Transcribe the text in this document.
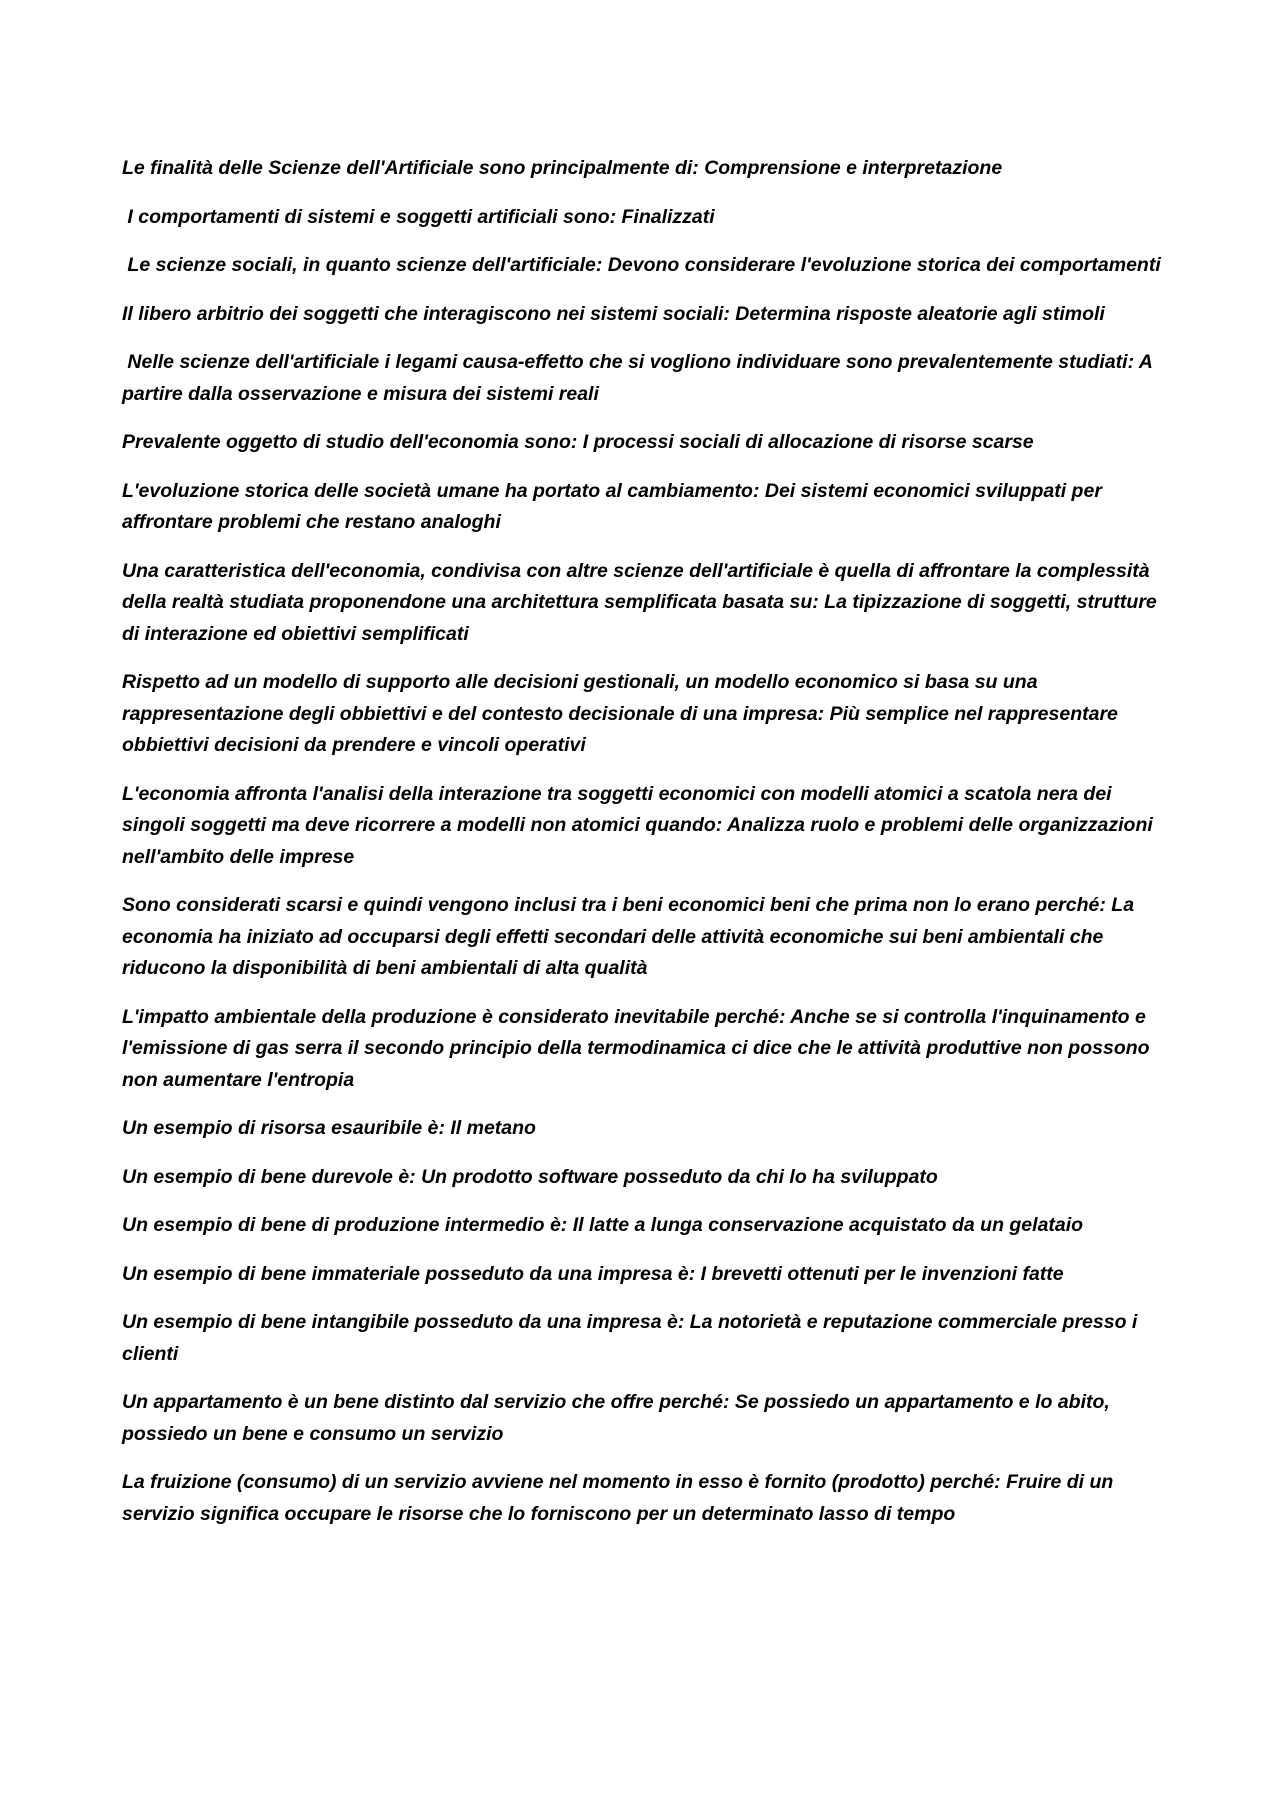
Le finalità delle Scienze dell'Artificiale sono principalmente di: Comprensione e interpretazione

I comportamenti di sistemi e soggetti artificiali sono: Finalizzati

Le scienze sociali, in quanto scienze dell'artificiale: Devono considerare l'evoluzione storica dei comportamenti

Il libero arbitrio dei soggetti che interagiscono nei sistemi sociali: Determina risposte aleatorie agli stimoli

Nelle scienze dell'artificiale i legami causa-effetto che si vogliono individuare sono prevalentemente studiati: A partire dalla osservazione e misura dei sistemi reali

Prevalente oggetto di studio dell'economia sono: I processi sociali di allocazione di risorse scarse

L'evoluzione storica delle società umane ha portato al cambiamento: Dei sistemi economici sviluppati per affrontare problemi che restano analoghi

Una caratteristica dell'economia, condivisa con altre scienze dell'artificiale è quella di affrontare la complessità della realtà studiata proponendone una architettura semplificata basata su: La tipizzazione di soggetti, strutture di interazione ed obiettivi semplificati

Rispetto ad un modello di supporto alle decisioni gestionali, un modello economico si basa su una rappresentazione degli obbiettivi e del contesto decisionale di una impresa: Più semplice nel rappresentare obbiettivi decisioni da prendere e vincoli operativi

L'economia affronta l'analisi della interazione tra soggetti economici con modelli atomici a scatola nera dei singoli soggetti ma deve ricorrere a modelli non atomici quando: Analizza ruolo e problemi delle organizzazioni nell'ambito delle imprese

Sono considerati scarsi e quindi vengono inclusi tra i beni economici beni che prima non lo erano perché: La economia ha iniziato ad occuparsi degli effetti secondari delle attività economiche sui beni ambientali che riducono la disponibilità di beni ambientali di alta qualità

L'impatto ambientale della produzione è considerato inevitabile perché: Anche se si controlla l'inquinamento e l'emissione di gas serra il secondo principio della termodinamica ci dice che le attività produttive non possono non aumentare l'entropia

Un esempio di risorsa esauribile è: Il metano

Un esempio di bene durevole è: Un prodotto software posseduto da chi lo ha sviluppato

Un esempio di bene di produzione intermedio è: Il latte a lunga conservazione acquistato da un gelataio

Un esempio di bene immateriale posseduto da una impresa è: I brevetti ottenuti per le invenzioni fatte

Un esempio di bene intangibile posseduto da una impresa è: La notorietà e reputazione commerciale presso i clienti

Un appartamento è un bene distinto dal servizio che offre perché: Se possiedo un appartamento e lo abito, possiedo un bene e consumo un servizio

La fruizione (consumo) di un servizio avviene nel momento in esso è fornito (prodotto) perché: Fruire di un servizio significa occupare le risorse che lo forniscono per un determinato lasso di tempo
